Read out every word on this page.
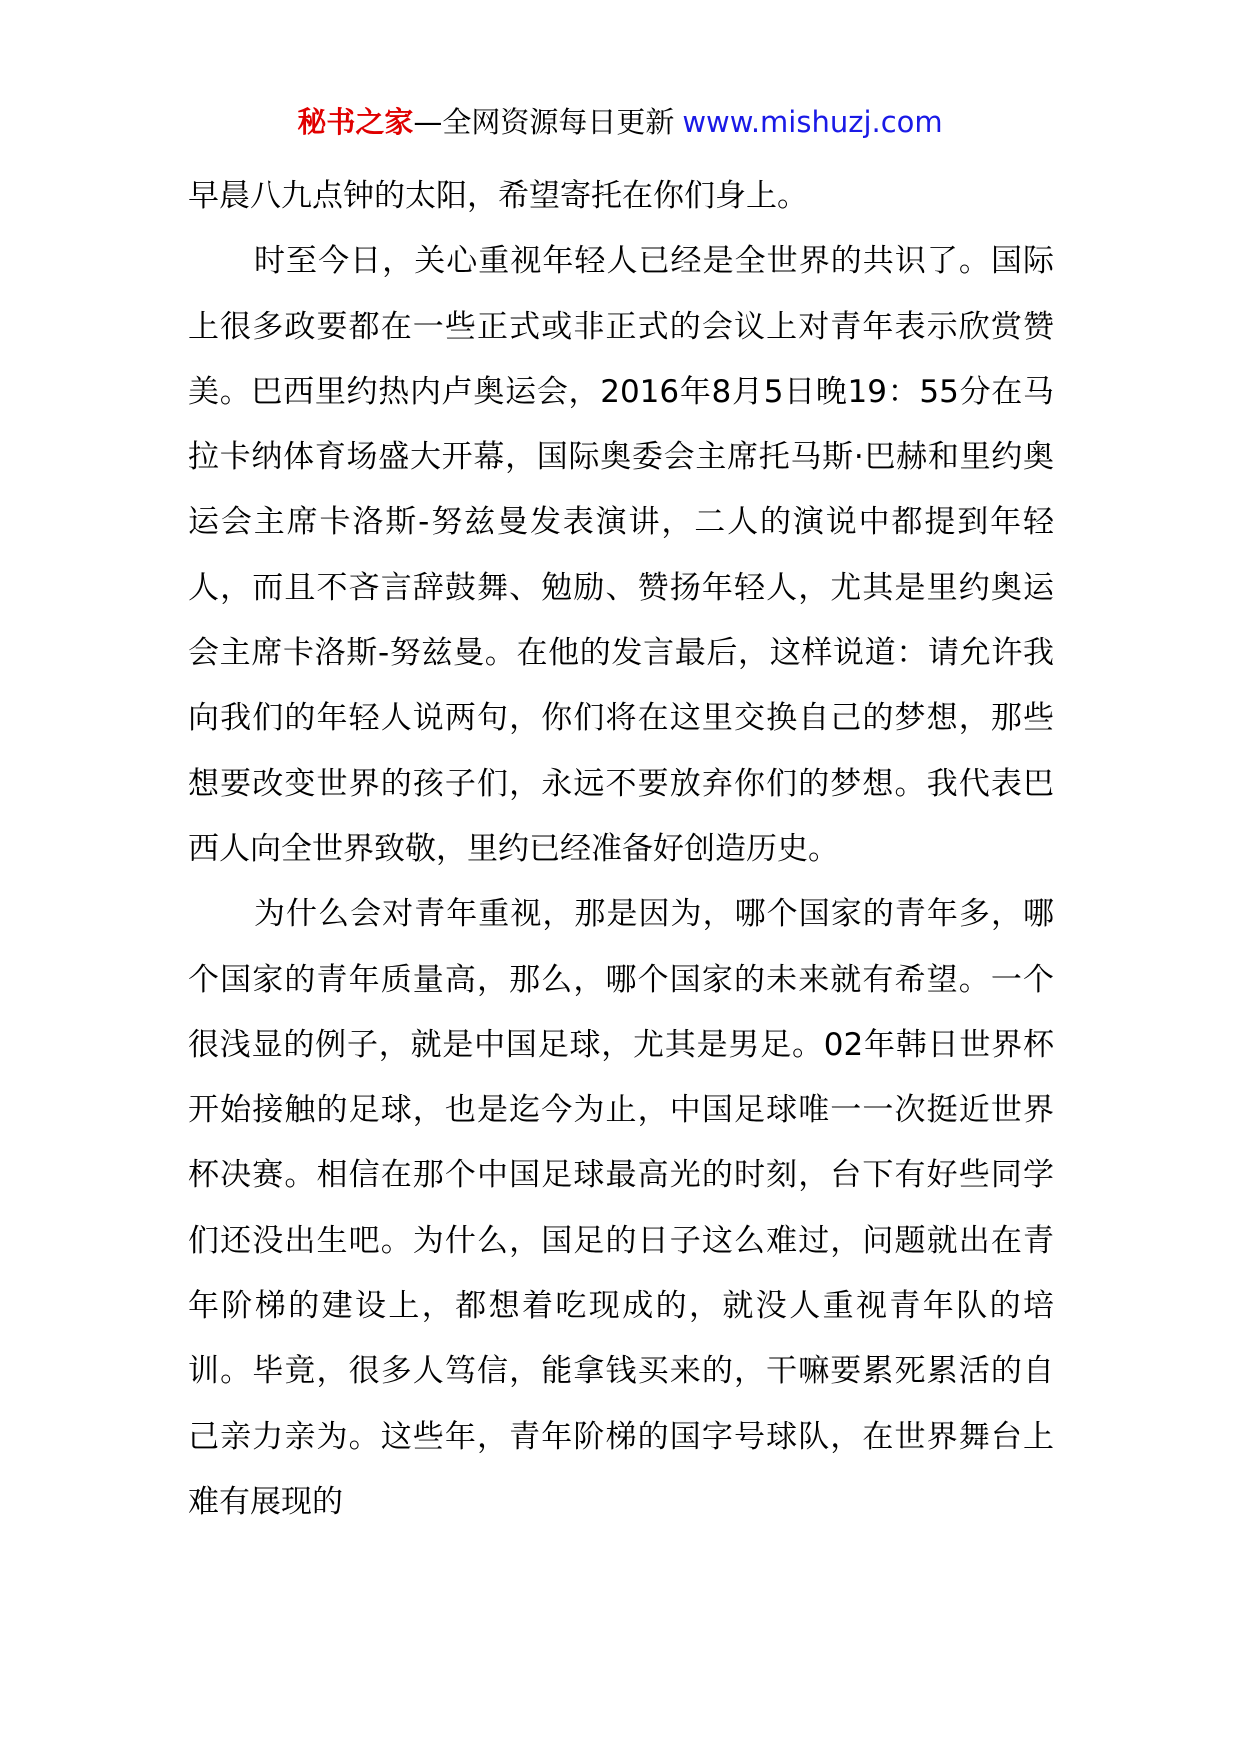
秘书之家—全网资源每日更新 www.mishuzj.com

早晨八九点钟的太阳，希望寄托在你们身上。

时至今日，关心重视年轻人已经是全世界的共识了。国际上很多政要都在一些正式或非正式的会议上对青年表示欣赏赞美。巴西里约热内卢奥运会，2016年8月5日晚19：55分在马拉卡纳体育场盛大开幕，国际奥委会主席托马斯·巴赫和里约奥运会主席卡洛斯-努兹曼发表演讲，二人的演说中都提到年轻人，而且不吝言辞鼓舞、勉励、赞扬年轻人，尤其是里约奥运会主席卡洛斯-努兹曼。在他的发言最后，这样说道：请允许我向我们的年轻人说两句，你们将在这里交换自己的梦想，那些想要改变世界的孩子们，永远不要放弃你们的梦想。我代表巴西人向全世界致敬，里约已经准备好创造历史。

为什么会对青年重视，那是因为，哪个国家的青年多，哪个国家的青年质量高，那么，哪个国家的未来就有希望。一个很浅显的例子，就是中国足球，尤其是男足。02年韩日世界杯开始接触的足球，也是迄今为止，中国足球唯一一次挺近世界杯决赛。相信在那个中国足球最高光的时刻，台下有好些同学们还没出生吧。为什么，国足的日子这么难过，问题就出在青年阶梯的建设上，都想着吃现成的，就没人重视青年队的培训。毕竟，很多人笃信，能拿钱买来的，干嘛要累死累活的自己亲力亲为。这些年，青年阶梯的国字号球队，在世界舞台上难有展现的
